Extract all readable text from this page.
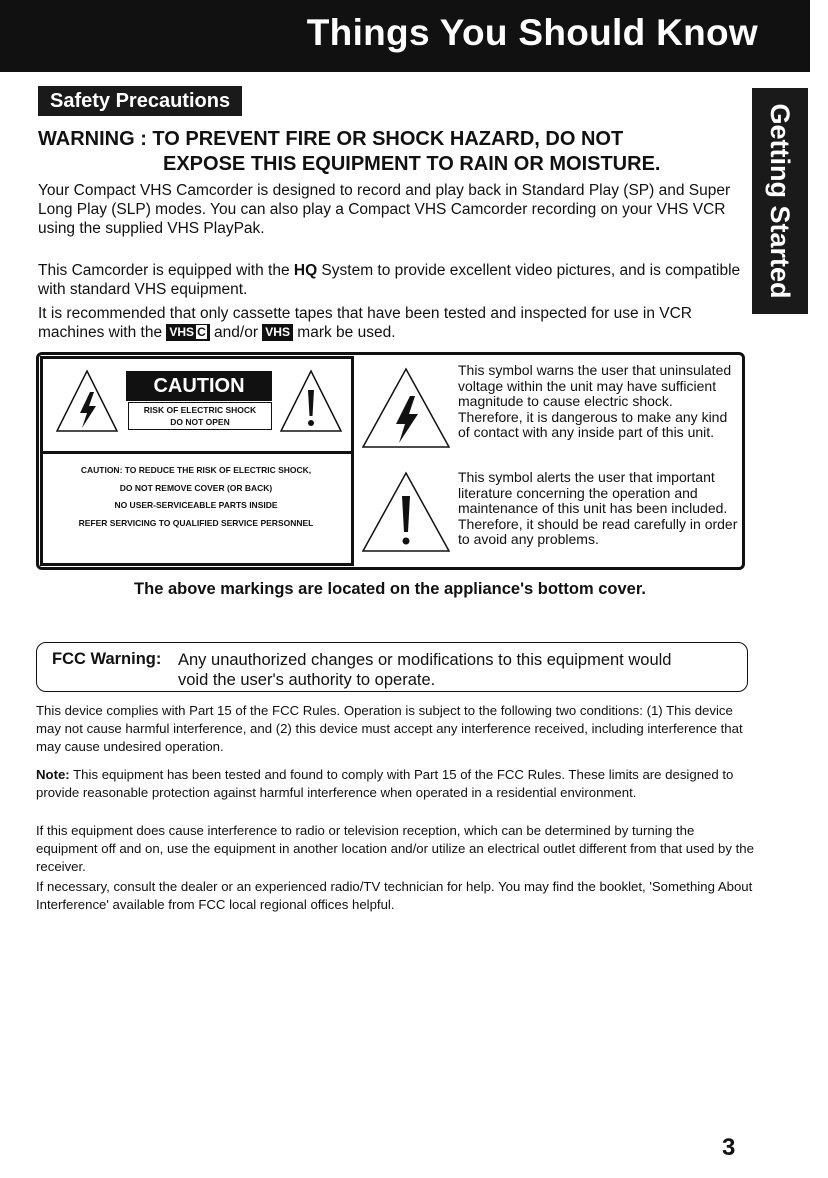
Things You Should Know
Safety Precautions
Getting Started
WARNING : TO PREVENT FIRE OR SHOCK HAZARD, DO NOT
EXPOSE THIS EQUIPMENT TO RAIN OR MOISTURE.

Your Compact VHS Camcorder is designed to record and play back in Standard Play (SP) and Super Long Play (SLP) modes. You can also play a Compact VHS Camcorder recording on your VHS VCR using the supplied VHS PlayPak.

This Camcorder is equipped with the HQ System to provide excellent video pictures, and is compatible with standard VHS equipment.

It is recommended that only cassette tapes that have been tested and inspected for use in VCR machines with the VHS C and/or VHS mark be used.

CAUTION
RISK OF ELECTRIC SHOCK
DO NOT OPEN
CAUTION: TO REDUCE THE RISK OF ELECTRIC SHOCK,
DO NOT REMOVE COVER (OR BACK)
NO USER-SERVICEABLE PARTS INSIDE
REFER SERVICING TO QUALIFIED SERVICE PERSONNEL

This symbol warns the user that uninsulated voltage within the unit may have sufficient magnitude to cause electric shock. Therefore, it is dangerous to make any kind of contact with any inside part of this unit.

This symbol alerts the user that important literature concerning the operation and maintenance of this unit has been included. Therefore, it should be read carefully in order to avoid any problems.

The above markings are located on the appliance's bottom cover.

FCC Warning: Any unauthorized changes or modifications to this equipment would
void the user's authority to operate.

This device complies with Part 15 of the FCC Rules. Operation is subject to the following two conditions: (1) This device may not cause harmful interference, and (2) this device must accept any interference received, including interference that may cause undesired operation.

Note: This equipment has been tested and found to comply with Part 15 of the FCC Rules. These limits are designed to provide reasonable protection against harmful interference when operated in a residential environment.

If this equipment does cause interference to radio or television reception, which can be determined by turning the equipment off and on, use the equipment in another location and/or utilize an electrical outlet different from that used by the receiver.

If necessary, consult the dealer or an experienced radio/TV technician for help. You may find the booklet, 'Something About Interference' available from FCC local regional offices helpful.

3
